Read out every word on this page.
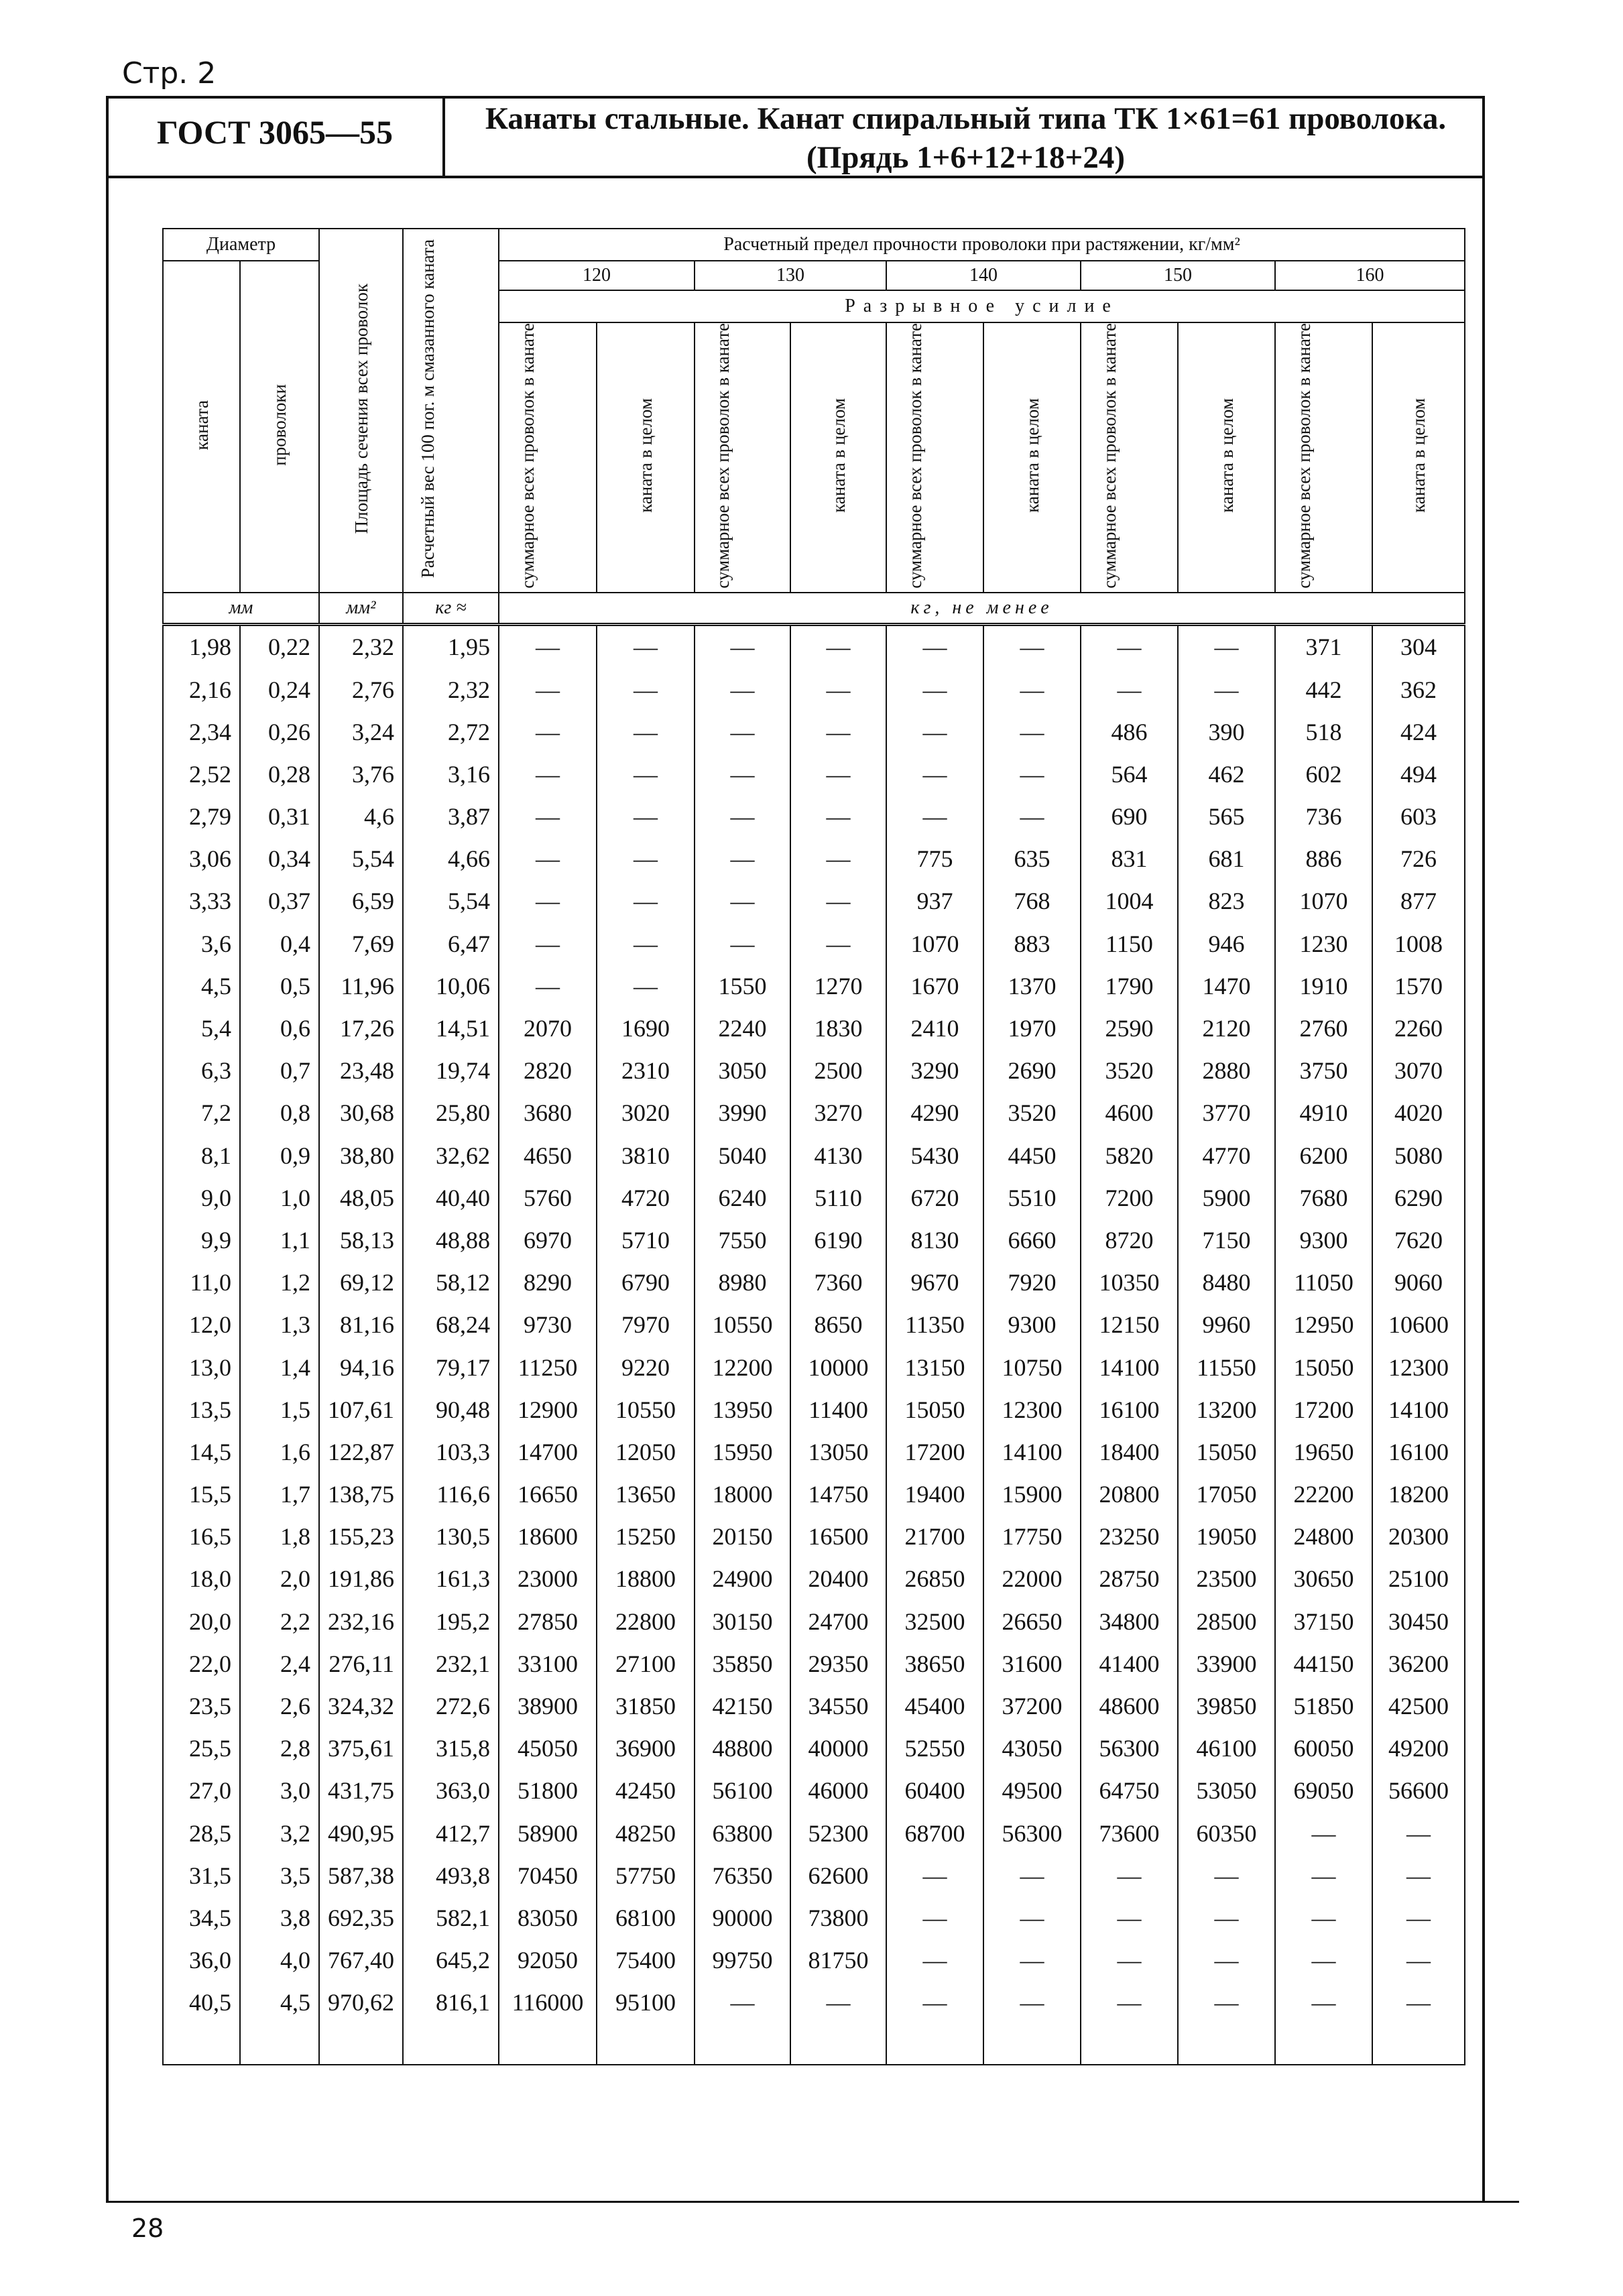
Стр. 2
ГОСТ 3065—55	Канаты стальные. Канат спиральный типа ТК 1×61=61 проволока.
(Прядь 1+6+12+18+24)
Диаметр		Площадь сечения всех проволок	Расчетный вес 100 пог. м смазанного каната	Расчетный предел прочности проволоки при растяжении, кг/мм²									
каната	проволоки			120		130		140		150		160	
				Разрывное усилие									
				суммарное всех проволок в канате	каната в целом	суммарное всех проволок в канате	каната в целом	суммарное всех проволок в канате	каната в целом	суммарное всех проволок в канате	каната в целом	суммарное всех проволок в канате	каната в целом
мм		мм²	кг ≈	кг, не менее									
1,98	0,22	2,32	1,95	—	—	—	—	—	—	—	—	371	304
2,16	0,24	2,76	2,32	—	—	—	—	—	—	—	—	442	362
2,34	0,26	3,24	2,72	—	—	—	—	—	—	486	390	518	424
2,52	0,28	3,76	3,16	—	—	—	—	—	—	564	462	602	494
2,79	0,31	4,6	3,87	—	—	—	—	—	—	690	565	736	603
3,06	0,34	5,54	4,66	—	—	—	—	775	635	831	681	886	726
3,33	0,37	6,59	5,54	—	—	—	—	937	768	1004	823	1070	877
3,6	0,4	7,69	6,47	—	—	—	—	1070	883	1150	946	1230	1008
4,5	0,5	11,96	10,06	—	—	1550	1270	1670	1370	1790	1470	1910	1570
5,4	0,6	17,26	14,51	2070	1690	2240	1830	2410	1970	2590	2120	2760	2260
6,3	0,7	23,48	19,74	2820	2310	3050	2500	3290	2690	3520	2880	3750	3070
7,2	0,8	30,68	25,80	3680	3020	3990	3270	4290	3520	4600	3770	4910	4020
8,1	0,9	38,80	32,62	4650	3810	5040	4130	5430	4450	5820	4770	6200	5080
9,0	1,0	48,05	40,40	5760	4720	6240	5110	6720	5510	7200	5900	7680	6290
9,9	1,1	58,13	48,88	6970	5710	7550	6190	8130	6660	8720	7150	9300	7620
11,0	1,2	69,12	58,12	8290	6790	8980	7360	9670	7920	10350	8480	11050	9060
12,0	1,3	81,16	68,24	9730	7970	10550	8650	11350	9300	12150	9960	12950	10600
13,0	1,4	94,16	79,17	11250	9220	12200	10000	13150	10750	14100	11550	15050	12300
13,5	1,5	107,61	90,48	12900	10550	13950	11400	15050	12300	16100	13200	17200	14100
14,5	1,6	122,87	103,3	14700	12050	15950	13050	17200	14100	18400	15050	19650	16100
15,5	1,7	138,75	116,6	16650	13650	18000	14750	19400	15900	20800	17050	22200	18200
16,5	1,8	155,23	130,5	18600	15250	20150	16500	21700	17750	23250	19050	24800	20300
18,0	2,0	191,86	161,3	23000	18800	24900	20400	26850	22000	28750	23500	30650	25100
20,0	2,2	232,16	195,2	27850	22800	30150	24700	32500	26650	34800	28500	37150	30450
22,0	2,4	276,11	232,1	33100	27100	35850	29350	38650	31600	41400	33900	44150	36200
23,5	2,6	324,32	272,6	38900	31850	42150	34550	45400	37200	48600	39850	51850	42500
25,5	2,8	375,61	315,8	45050	36900	48800	40000	52550	43050	56300	46100	60050	49200
27,0	3,0	431,75	363,0	51800	42450	56100	46000	60400	49500	64750	53050	69050	56600
28,5	3,2	490,95	412,7	58900	48250	63800	52300	68700	56300	73600	60350	—	—
31,5	3,5	587,38	493,8	70450	57750	76350	62600	—	—	—	—	—	—
34,5	3,8	692,35	582,1	83050	68100	90000	73800	—	—	—	—	—	—
36,0	4,0	767,40	645,2	92050	75400	99750	81750	—	—	—	—	—	—
40,5	4,5	970,62	816,1	116000	95100	—	—	—	—	—	—	—	—

28
